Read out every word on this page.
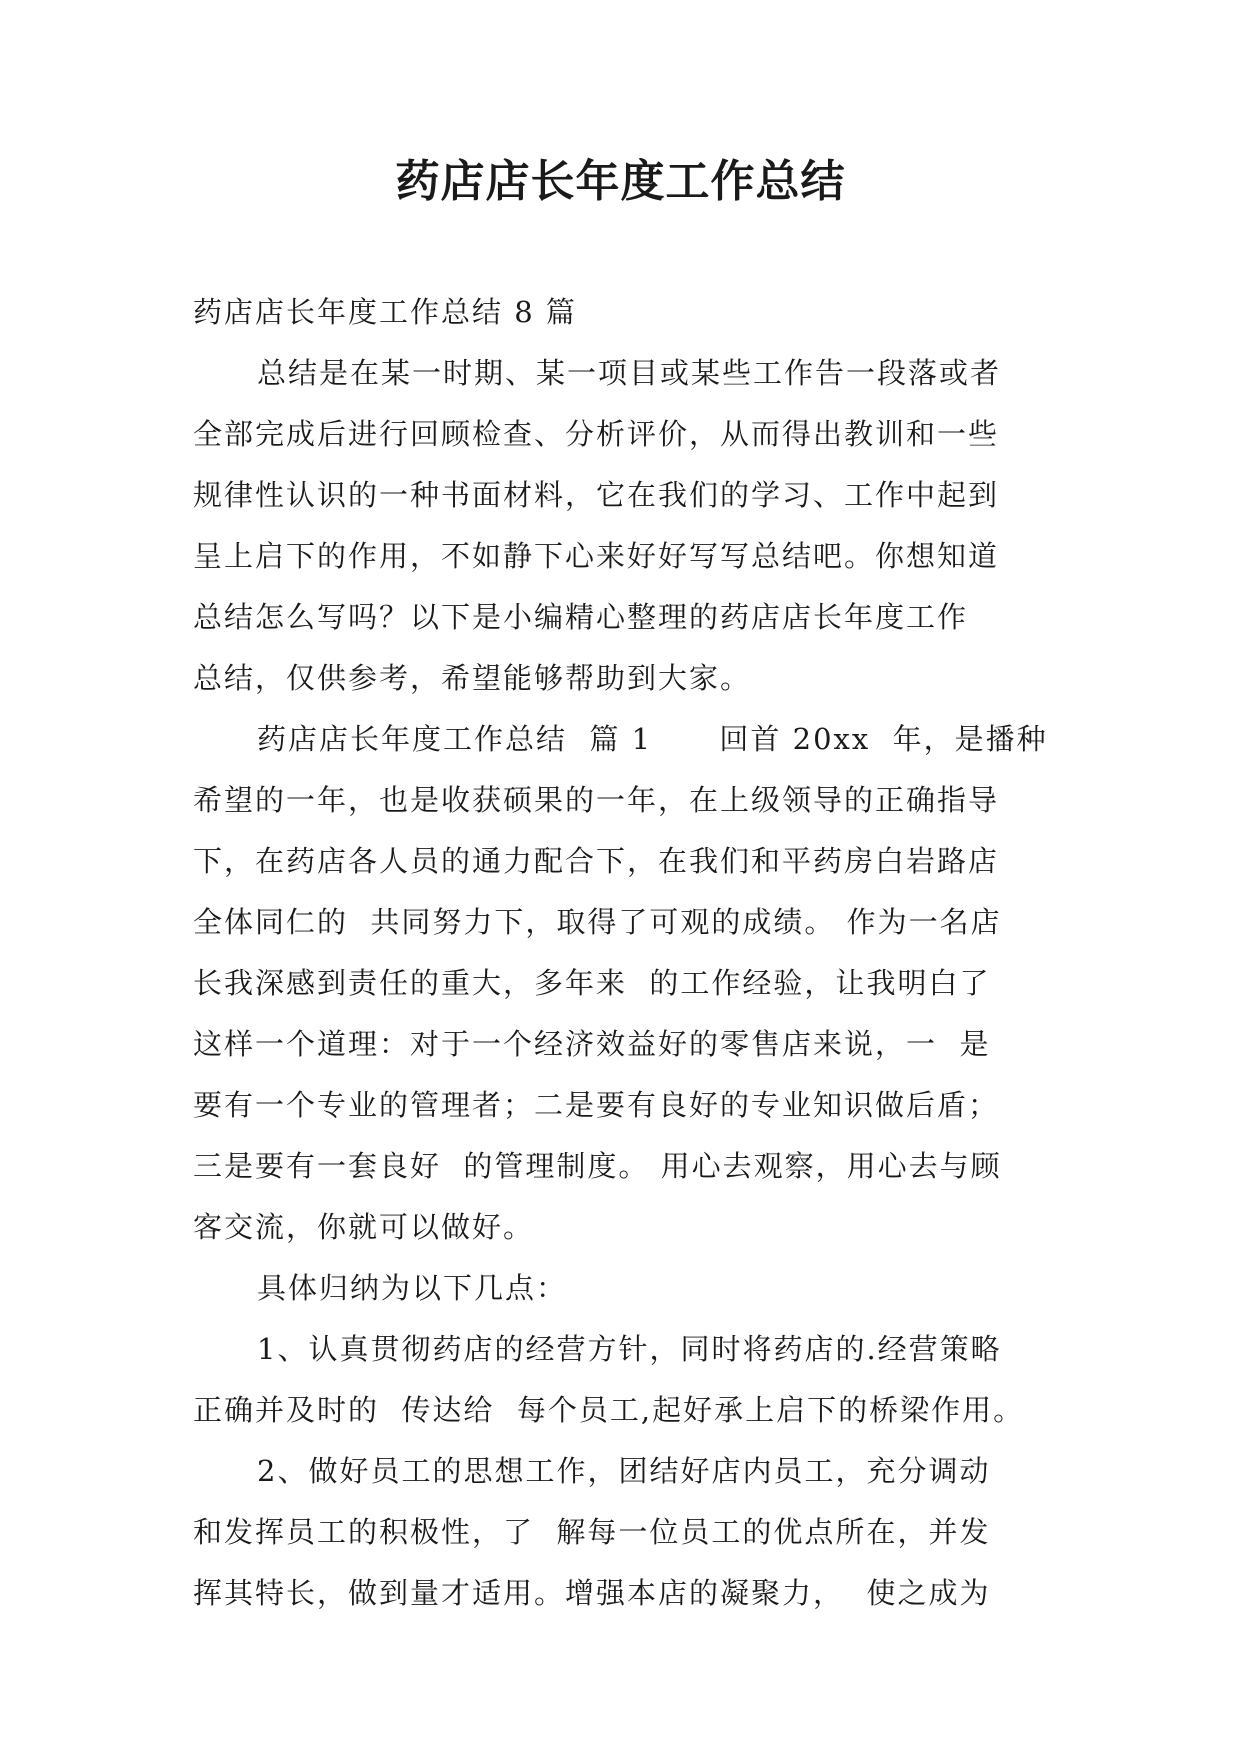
药店店长年度工作总结
药店店长年度工作总结 8 篇
总结是在某一时期、某一项目或某些工作告一段落或者
全部完成后进行回顾检查、分析评价，从而得出教训和一些
规律性认识的一种书面材料，它在我们的学习、工作中起到
呈上启下的作用，不如静下心来好好写写总结吧。你想知道
总结怎么写吗？以下是小编精心整理的药店店长年度工作
总结，仅供参考，希望能够帮助到大家。
药店店长年度工作总结  篇 1      回首 20xx  年，是播种
希望的一年，也是收获硕果的一年，在上级领导的正确指导
下，在药店各人员的通力配合下，在我们和平药房白岩路店
全体同仁的  共同努力下，取得了可观的成绩。 作为一名店
长我深感到责任的重大，多年来  的工作经验，让我明白了
这样一个道理：对于一个经济效益好的零售店来说，一  是
要有一个专业的管理者；二是要有良好的专业知识做后盾；
三是要有一套良好  的管理制度。 用心去观察，用心去与顾
客交流，你就可以做好。
具体归纳为以下几点：
1、认真贯彻药店的经营方针，同时将药店的.经营策略
正确并及时的  传达给  每个员工,起好承上启下的桥梁作用。
2、做好员工的思想工作，团结好店内员工，充分调动
和发挥员工的积极性，了  解每一位员工的优点所在，并发
挥其特长，做到量才适用。增强本店的凝聚力，  使之成为
